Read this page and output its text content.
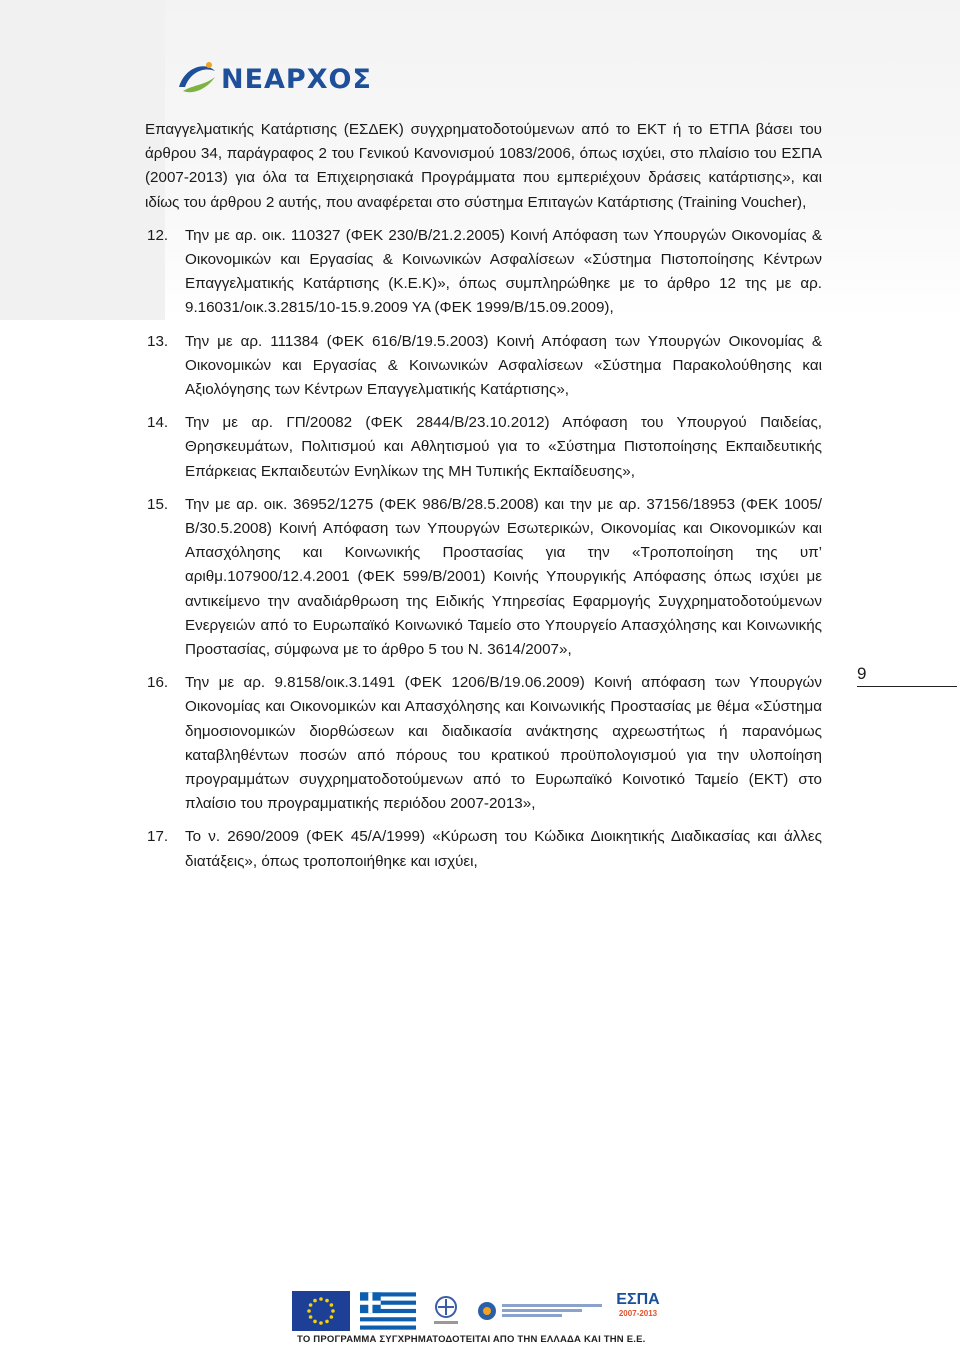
ΝΕΑΡΧΟΣ

Επαγγελματικής Κατάρτισης (ΕΣΔΕΚ) συγχρηματοδοτούμενων από το ΕΚΤ ή το ΕΤΠΑ βάσει του άρθρου 34, παράγραφος 2 του Γενικού Κανονισμού 1083/2006, όπως ισχύει, στο πλαίσιο του ΕΣΠΑ (2007-2013) για όλα τα Επιχειρησιακά Προγράμματα που εμπεριέχουν δράσεις κατάρτισης», και ιδίως του άρθρου 2 αυτής, που αναφέρεται στο σύστημα Επιταγών Κατάρτισης (Training Voucher),

12. Την με αρ. οικ. 110327 (ΦΕΚ 230/Β/21.2.2005) Κοινή Απόφαση των Υπουργών Οικονομίας & Οικονομικών και Εργασίας & Κοινωνικών Ασφαλίσεων «Σύστημα Πιστοποίησης Κέντρων Επαγγελματικής Κατάρτισης (Κ.Ε.Κ)», όπως συμπληρώθηκε με το άρθρο 12 της με αρ. 9.16031/οικ.3.2815/10-15.9.2009 ΥΑ (ΦΕΚ 1999/Β/15.09.2009),
13. Την με αρ. 111384 (ΦΕΚ 616/Β/19.5.2003) Κοινή Απόφαση των Υπουργών Οικονομίας & Οικονομικών και Εργασίας & Κοινωνικών Ασφαλίσεων «Σύστημα Παρακολούθησης και Αξιολόγησης των Κέντρων Επαγγελματικής Κατάρτισης»,
14. Την με αρ. ΓΠ/20082 (ΦΕΚ 2844/Β/23.10.2012) Απόφαση του Υπουργού Παιδείας, Θρησκευμάτων, Πολιτισμού και Αθλητισμού για το «Σύστημα Πιστοποίησης Εκπαιδευτικής Επάρκειας Εκπαιδευτών Ενηλίκων της ΜΗ Τυπικής Εκπαίδευσης»,
15. Την με αρ. οικ. 36952/1275 (ΦΕΚ 986/Β/28.5.2008) και την με αρ. 37156/18953 (ΦΕΚ 1005/Β/30.5.2008) Κοινή Απόφαση των Υπουργών Εσωτερικών, Οικονομίας και Οικονομικών και Απασχόλησης και Κοινωνικής Προστασίας για την «Τροποποίηση της υπ’ αριθμ.107900/12.4.2001 (ΦΕΚ 599/Β/2001) Κοινής Υπουργικής Απόφασης όπως ισχύει με αντικείμενο την αναδιάρθρωση της Ειδικής Υπηρεσίας Εφαρμογής Συγχρηματοδοτούμενων Ενεργειών από το Ευρωπαϊκό Κοινωνικό Ταμείο στο Υπουργείο Απασχόλησης και Κοινωνικής Προστασίας, σύμφωνα με το άρθρο 5 του Ν. 3614/2007»,
16. Την με αρ. 9.8158/οικ.3.1491 (ΦΕΚ 1206/Β/19.06.2009) Κοινή απόφαση των Υπουργών Οικονομίας και Οικονομικών και Απασχόλησης και Κοινωνικής Προστασίας με θέμα «Σύστημα δημοσιονομικών διορθώσεων και διαδικασία ανάκτησης αχρεωστήτως ή παρανόμως καταβληθέντων ποσών από πόρους του κρατικού προϋπολογισμού για την υλοποίηση προγραμμάτων συγχρηματοδοτούμενων από το Ευρωπαϊκό Κοινοτικό Ταμείο (ΕΚΤ) στο πλαίσιο του προγραμματικής περιόδου 2007-2013»,
17. Το ν. 2690/2009 (ΦΕΚ 45/Α/1999) «Κύρωση του Κώδικα Διοικητικής Διαδικασίας και άλλες διατάξεις», όπως τροποποιήθηκε και ισχύει,
9
ΕΣΠΑ
2007-2013
ΤΟ ΠΡΟΓΡΑΜΜΑ ΣΥΓΧΡΗΜΑΤΟΔΟΤΕΙΤΑΙ ΑΠΟ ΤΗΝ ΕΛΛΑΔΑ ΚΑΙ ΤΗΝ Ε.Ε.
